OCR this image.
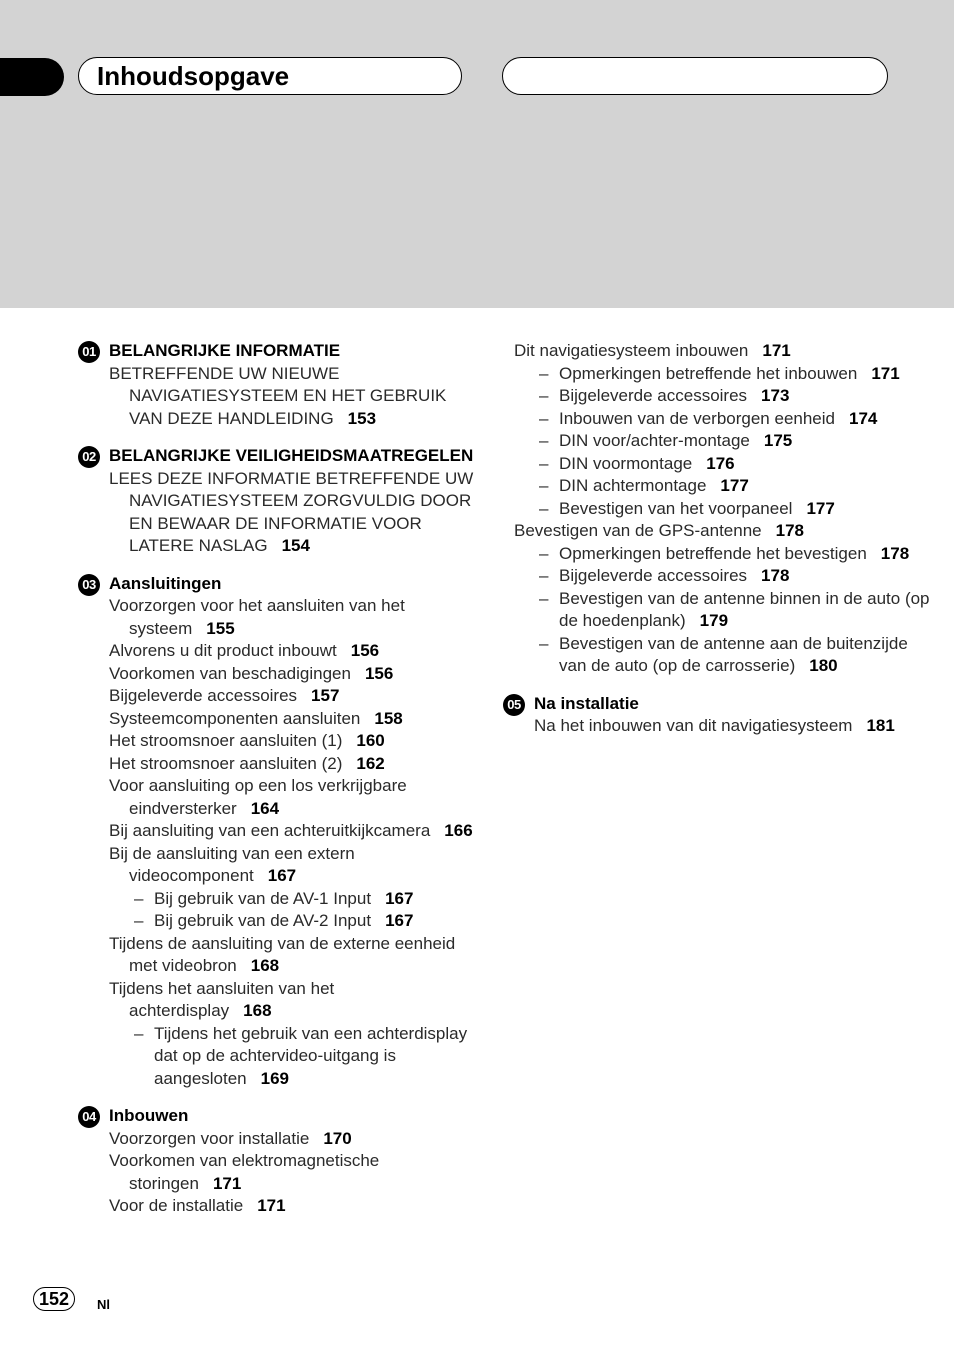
Inhoudsopgave
01 BELANGRIJKE INFORMATIE
BETREFFENDE UW NIEUWE NAVIGATIESYSTEEM EN HET GEBRUIK VAN DEZE HANDLEIDING 153
02 BELANGRIJKE VEILIGHEIDSMAATREGELEN
LEES DEZE INFORMATIE BETREFFENDE UW NAVIGATIESYSTEEM ZORGVULDIG DOOR EN BEWAAR DE INFORMATIE VOOR LATERE NASLAG 154
03 Aansluitingen
Voorzorgen voor het aansluiten van het systeem 155
Alvorens u dit product inbouwt 156
Voorkomen van beschadigingen 156
Bijgeleverde accessoires 157
Systeemcomponenten aansluiten 158
Het stroomsnoer aansluiten (1) 160
Het stroomsnoer aansluiten (2) 162
Voor aansluiting op een los verkrijgbare eindversterker 164
Bij aansluiting van een achteruitkijkcamera 166
Bij de aansluiting van een extern videocomponent 167
– Bij gebruik van de AV-1 Input 167
– Bij gebruik van de AV-2 Input 167
Tijdens de aansluiting van de externe eenheid met videobron 168
Tijdens het aansluiten van het achterdisplay 168
– Tijdens het gebruik van een achterdisplay dat op de achtervideo-uitgang is aangesloten 169
04 Inbouwen
Voorzorgen voor installatie 170
Voorkomen van elektromagnetische storingen 171
Voor de installatie 171
Dit navigatiesysteem inbouwen 171
– Opmerkingen betreffende het inbouwen 171
– Bijgeleverde accessoires 173
– Inbouwen van de verborgen eenheid 174
– DIN voor/achter-montage 175
– DIN voormontage 176
– DIN achtermontage 177
– Bevestigen van het voorpaneel 177
Bevestigen van de GPS-antenne 178
– Opmerkingen betreffende het bevestigen 178
– Bijgeleverde accessoires 178
– Bevestigen van de antenne binnen in de auto (op de hoedenplank) 179
– Bevestigen van de antenne aan de buitenzijde van de auto (op de carrosserie) 180
05 Na installatie
Na het inbouwen van dit navigatiesysteem 181
152	Nl
